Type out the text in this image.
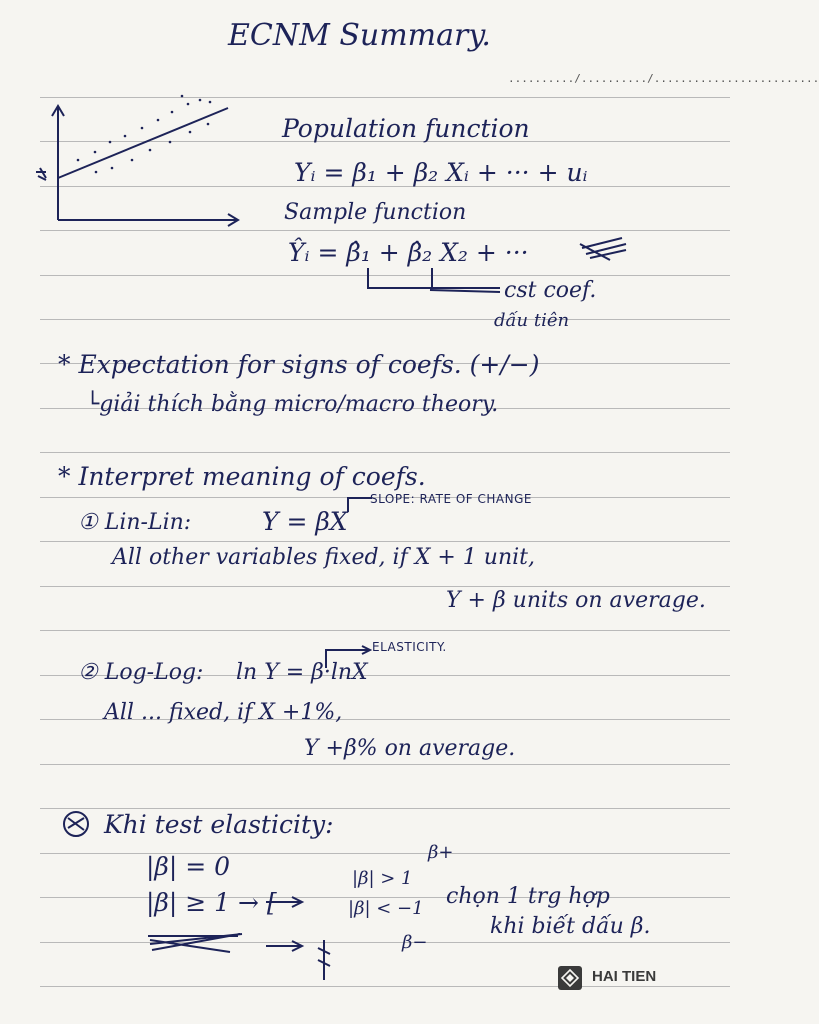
ECNM Summary.
........../........../.........................
Population function
Yᵢ = β₁ + β₂ Xᵢ + ··· + uᵢ
Sample function
Ŷᵢ = β̂₁ + β̂₂ X₂ + ···
cst coef.
dấu tiên
* Expectation for signs of coefs. (+/−)
└giải thích bằng micro/macro theory.
* Interpret meaning of coefs.
SLOPE: RATE OF CHANGE
① Lin-Lin:	Y = βX
All other variables fixed, if X + 1 unit,
Y + β units on average.
ELASTICITY.
② Log-Log: ln Y = β·lnX
All ... fixed, if X +1%,
Y +β% on average.
Khi test elasticity:
|β| = 0
|β| ≥ 1 → [
|β| > 1
|β| < −1
β+
β−
chọn 1 trg hợp
khi biết dấu β.
HAI TIEN
